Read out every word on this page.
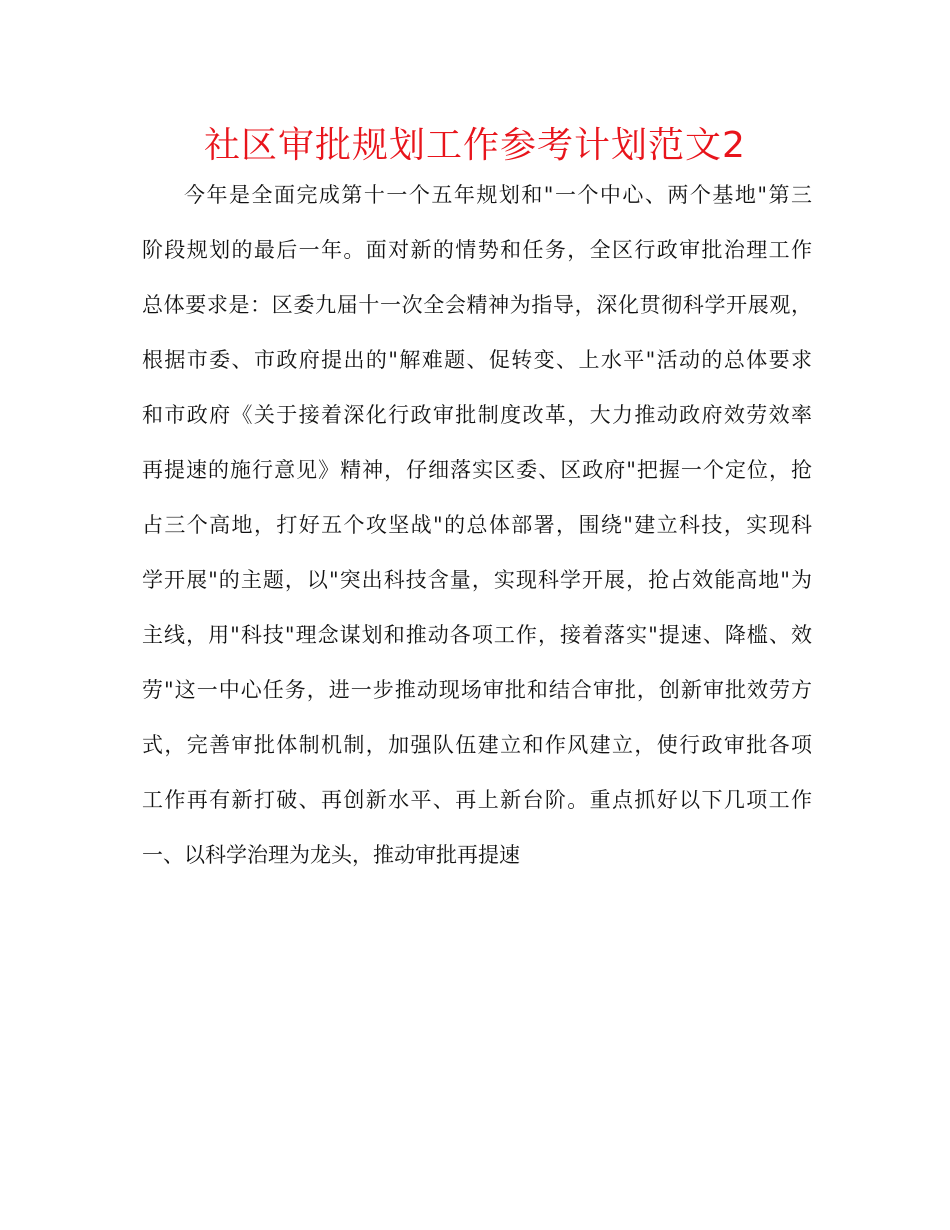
社区审批规划工作参考计划范文2
今年是全面完成第十一个五年规划和"一个中心、两个基地"第三
阶段规划的最后一年。面对新的情势和任务，全区行政审批治理工作
总体要求是：区委九届十一次全会精神为指导，深化贯彻科学开展观，
根据市委、市政府提出的"解难题、促转变、上水平"活动的总体要求
和市政府《关于接着深化行政审批制度改革，大力推动政府效劳效率
再提速的施行意见》精神，仔细落实区委、区政府"把握一个定位，抢
占三个高地，打好五个攻坚战"的总体部署，围绕"建立科技，实现科
学开展"的主题，以"突出科技含量，实现科学开展，抢占效能高地"为
主线，用"科技"理念谋划和推动各项工作，接着落实"提速、降槛、效
劳"这一中心任务，进一步推动现场审批和结合审批，创新审批效劳方
式，完善审批体制机制，加强队伍建立和作风建立，使行政审批各项
工作再有新打破、再创新水平、再上新台阶。重点抓好以下几项工作
一、以科学治理为龙头，推动审批再提速
